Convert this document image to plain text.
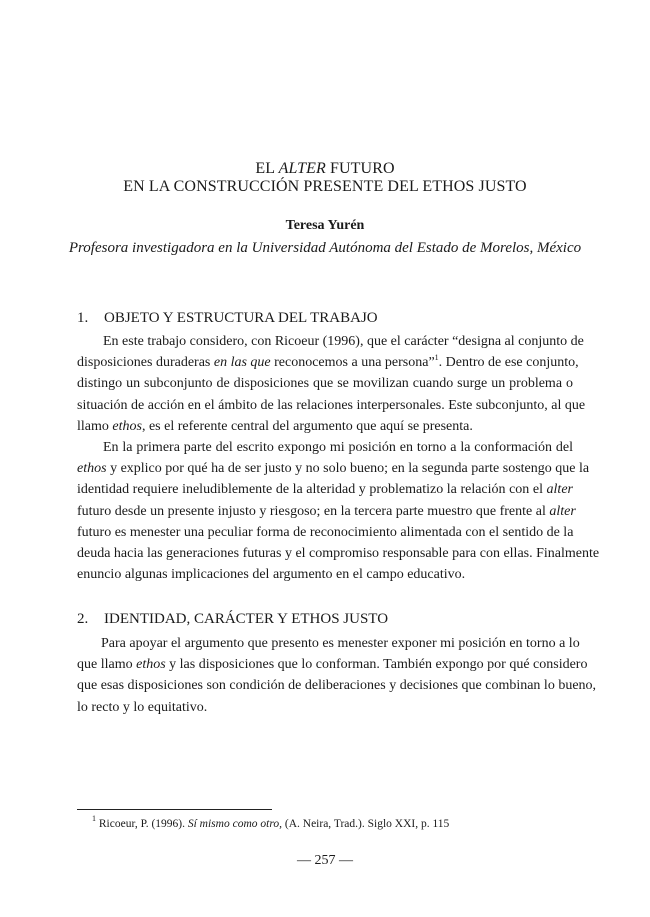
EL ALTER FUTURO
EN LA CONSTRUCCIÓN PRESENTE DEL ETHOS JUSTO
Teresa Yurén
Profesora investigadora en la Universidad Autónoma del Estado de Morelos, México
1. OBJETO Y ESTRUCTURA DEL TRABAJO
En este trabajo considero, con Ricoeur (1996), que el carácter “designa al conjunto de
disposiciones duraderas en las que reconocemos a una persona”$^1$. Dentro de ese conjunto,
distingo un subconjunto de disposiciones que se movilizan cuando surge un problema o
situación de acción en el ámbito de las relaciones interpersonales. Este subconjunto, al que
llamo ethos, es el referente central del argumento que aquí se presenta.
En la primera parte del escrito expongo mi posición en torno a la conformación del
ethos y explico por qué ha de ser justo y no solo bueno; en la segunda parte sostengo que la
identidad requiere ineludiblemente de la alteridad y problematizo la relación con el alter
futuro desde un presente injusto y riesgoso; en la tercera parte muestro que frente al alter
futuro es menester una peculiar forma de reconocimiento alimentada con el sentido de la
deuda hacia las generaciones futuras y el compromiso responsable para con ellas. Finalmente
enuncio algunas implicaciones del argumento en el campo educativo.
2. IDENTIDAD, CARÁCTER Y ETHOS JUSTO
Para apoyar el argumento que presento es menester exponer mi posición en torno a lo
que llamo ethos y las disposiciones que lo conforman. También expongo por qué considero
que esas disposiciones son condición de deliberaciones y decisiones que combinan lo bueno,
lo recto y lo equitativo.
$^1$ Ricoeur, P. (1996). Sí mismo como otro, (A. Neira, Trad.). Siglo XXI, p. 115
— 257 —
